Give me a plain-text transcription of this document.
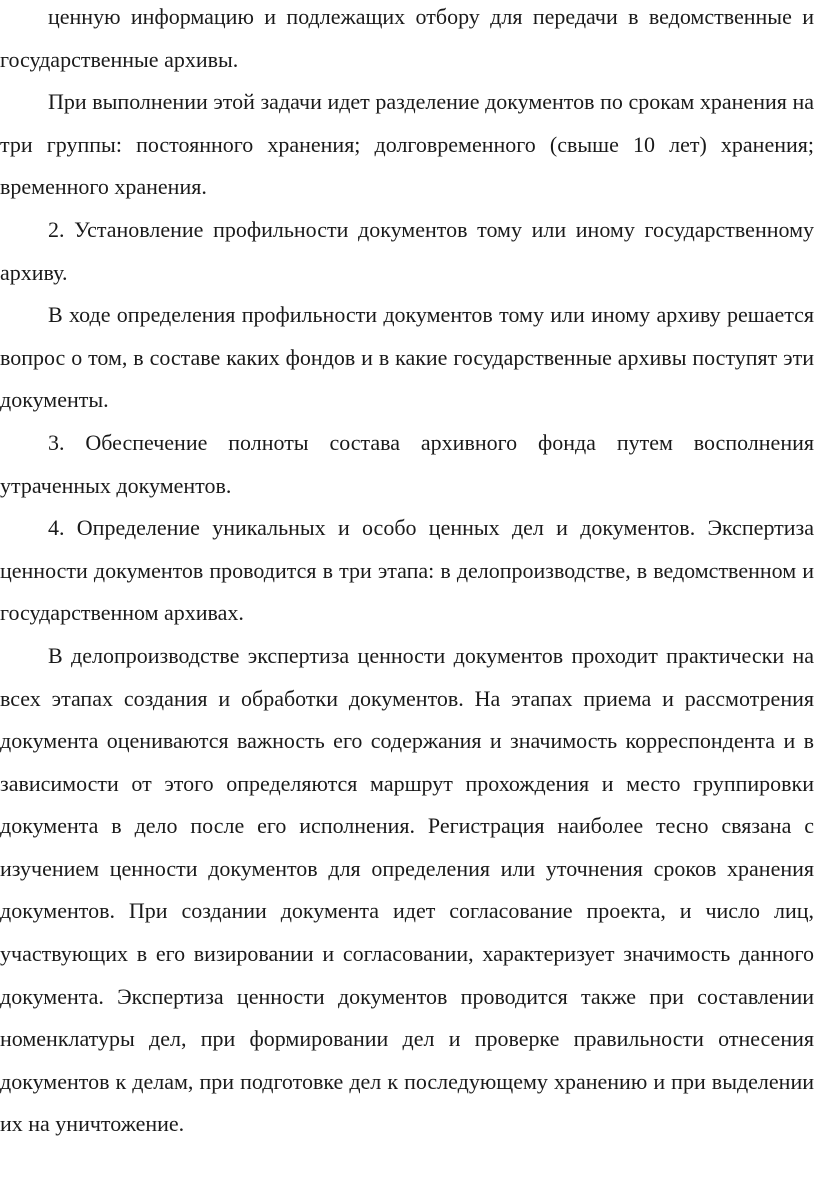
ценную информацию и подлежащих отбору для передачи в ведомственные и государственные архивы.

При выполнении этой задачи идет разделение документов по срокам хранения на три группы: постоянного хранения; долговременного (свыше 10 лет) хранения; временного хранения.

2. Установление профильности документов тому или иному государственному архиву.

В ходе определения профильности документов тому или иному архиву решается вопрос о том, в составе каких фондов и в какие государственные архивы поступят эти документы.

3. Обеспечение полноты состава архивного фонда путем восполнения утраченных документов.

4. Определение уникальных и особо ценных дел и документов. Экспертиза ценности документов проводится в три этапа: в делопроизводстве, в ведомственном и государственном архивах.

В делопроизводстве экспертиза ценности документов проходит практически на всех этапах создания и обработки документов. На этапах приема и рассмотрения документа оцениваются важность его содержания и значимость корреспондента и в зависимости от этого определяются маршрут прохождения и место группировки документа в дело после его исполнения. Регистрация наиболее тесно связана с изучением ценности документов для определения или уточнения сроков хранения документов. При создании документа идет согласование проекта, и число лиц, участвующих в его визировании и согласовании, характеризует значимость данного документа. Экспертиза ценности документов проводится также при составлении номенклатуры дел, при формировании дел и проверке правильности отнесения документов к делам, при подготовке дел к последующему хранению и при выделении их на уничтожение.
